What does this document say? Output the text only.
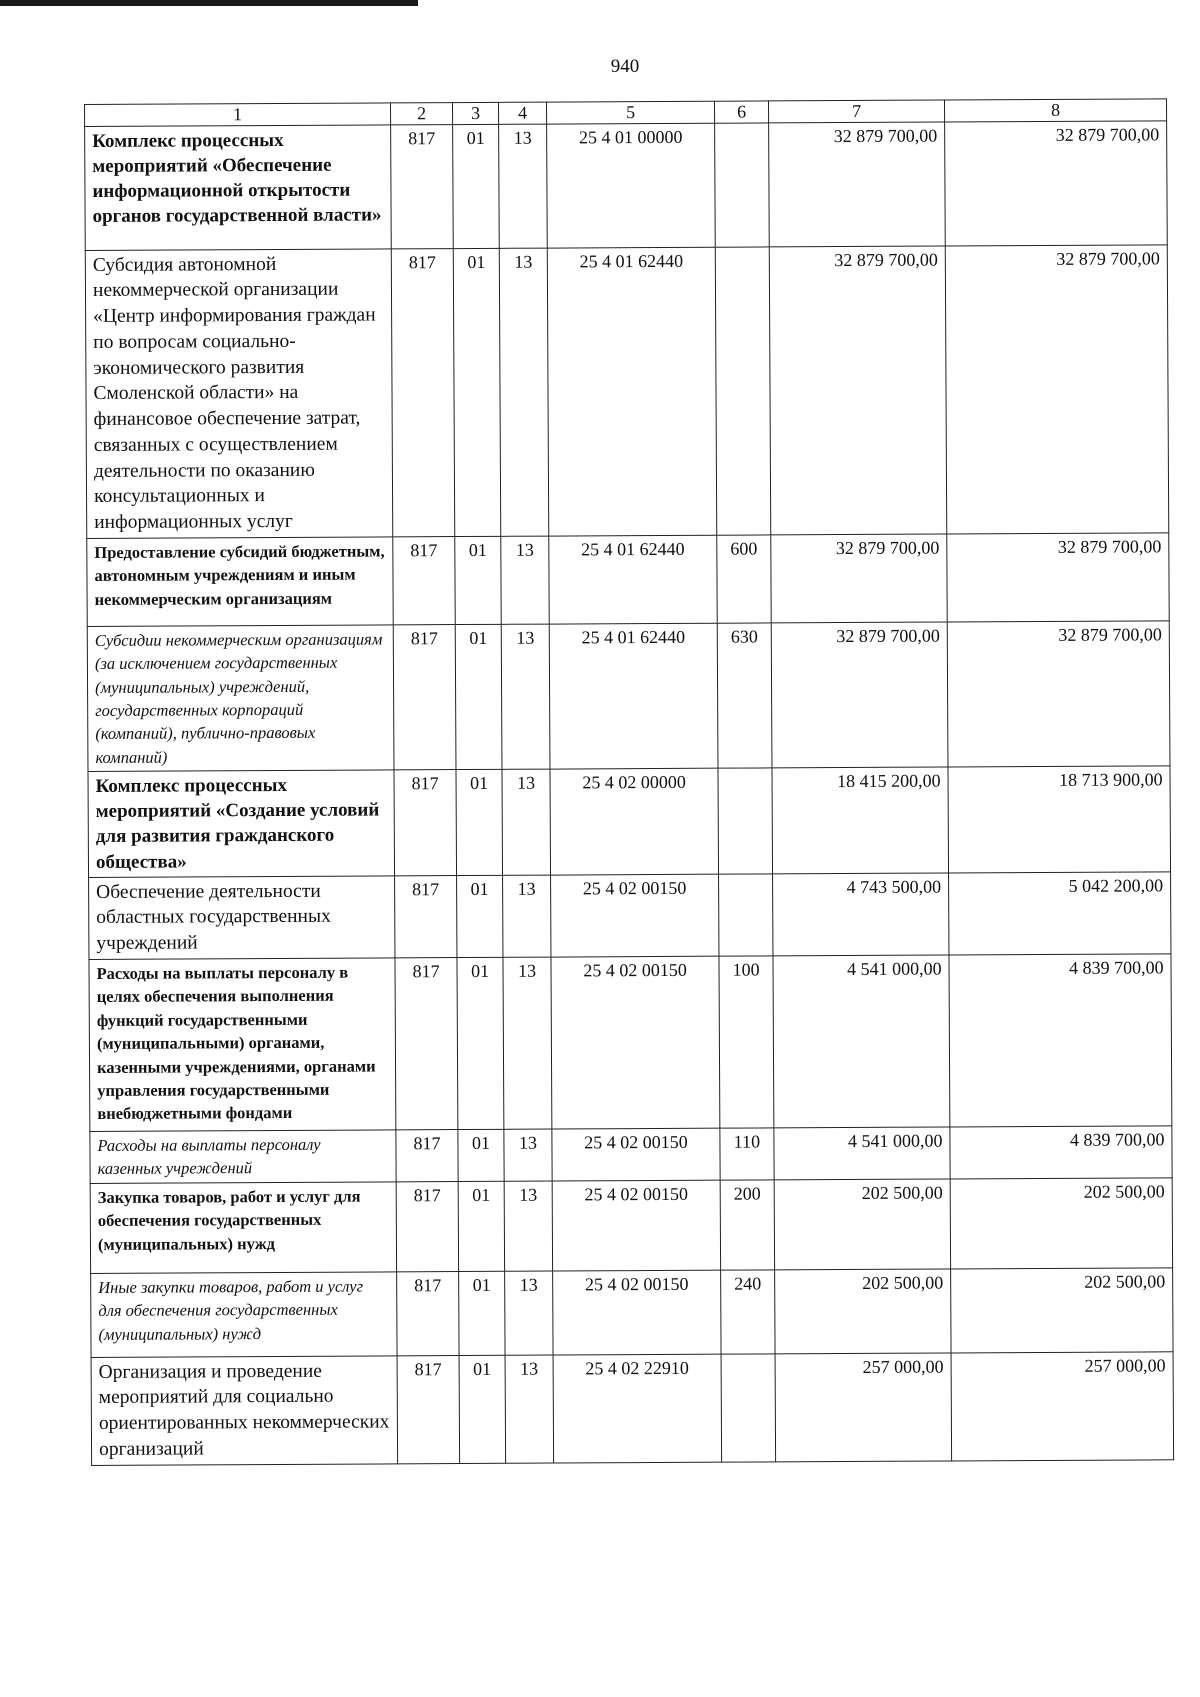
940
1	2	3	4	5	6	7	8
Комплекс процессных мероприятий «Обеспечение информационной открытости органов государственной власти»	817	01	13	25 4 01 00000		32 879 700,00	32 879 700,00
Субсидия автономной некоммерческой организации «Центр информирования граждан по вопросам социально-экономического развития Смоленской области» на финансовое обеспечение затрат, связанных с осуществлением деятельности по оказанию консультационных и информационных услуг	817	01	13	25 4 01 62440		32 879 700,00	32 879 700,00
Предоставление субсидий бюджетным, автономным учреждениям и иным некоммерческим организациям	817	01	13	25 4 01 62440	600	32 879 700,00	32 879 700,00
Субсидии некоммерческим организациям (за исключением государственных (муниципальных) учреждений, государственных корпораций (компаний), публично-правовых компаний)	817	01	13	25 4 01 62440	630	32 879 700,00	32 879 700,00
Комплекс процессных мероприятий «Создание условий для развития гражданского общества»	817	01	13	25 4 02 00000		18 415 200,00	18 713 900,00
Обеспечение деятельности областных государственных учреждений	817	01	13	25 4 02 00150		4 743 500,00	5 042 200,00
Расходы на выплаты персоналу в целях обеспечения выполнения функций государственными (муниципальными) органами, казенными учреждениями, органами управления государственными внебюджетными фондами	817	01	13	25 4 02 00150	100	4 541 000,00	4 839 700,00
Расходы на выплаты персоналу казенных учреждений	817	01	13	25 4 02 00150	110	4 541 000,00	4 839 700,00
Закупка товаров, работ и услуг для обеспечения государственных (муниципальных) нужд	817	01	13	25 4 02 00150	200	202 500,00	202 500,00
Иные закупки товаров, работ и услуг для обеспечения государственных (муниципальных) нужд	817	01	13	25 4 02 00150	240	202 500,00	202 500,00
Организация и проведение мероприятий для социально ориентированных некоммерческих организаций	817	01	13	25 4 02 22910		257 000,00	257 000,00
